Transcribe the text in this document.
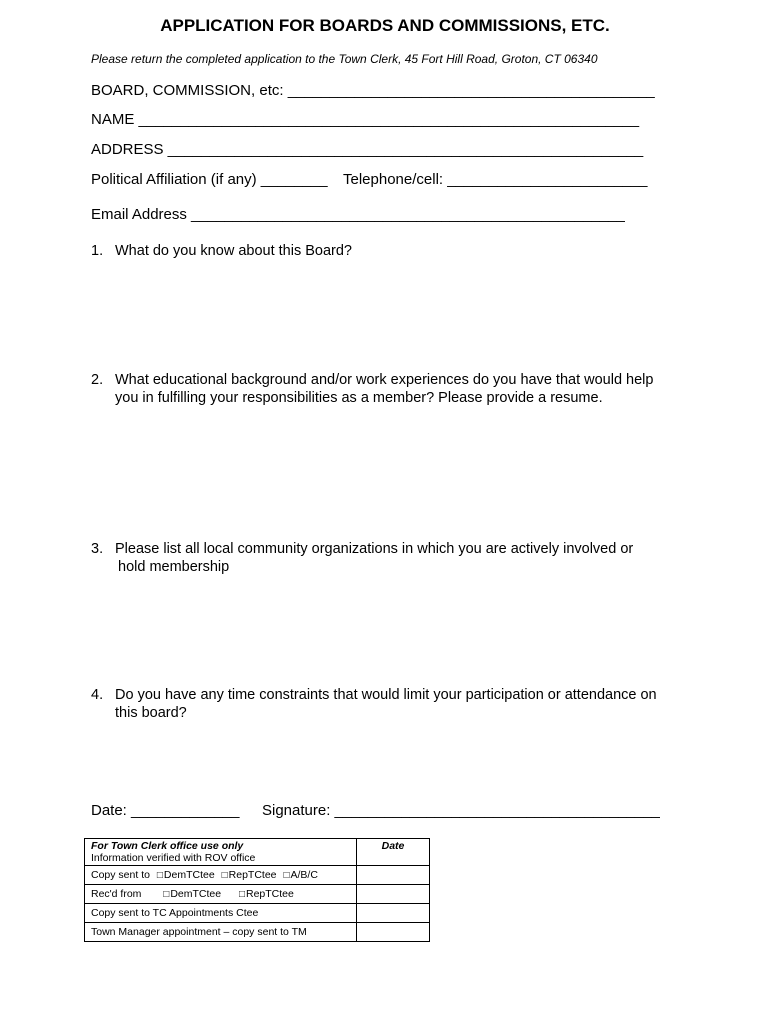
APPLICATION FOR BOARDS AND COMMISSIONS, ETC.
Please return the completed application to the Town Clerk, 45 Fort Hill Road, Groton, CT 06340
BOARD, COMMISSION, etc: ____________________________________________
NAME ____________________________________________________________
ADDRESS _________________________________________________________
Political Affiliation (if any) ________ Telephone/cell: ________________________
Email Address ____________________________________________________
1. What do you know about this Board?
2. What educational background and/or work experiences do you have that would help
you in fulfilling your responsibilities as a member? Please provide a resume.
3. Please list all local community organizations in which you are actively involved or
hold membership
4. Do you have any time constraints that would limit your participation or attendance on
this board?
Date: _____________ Signature: _______________________________________
For Town Clerk office use only
Information verified with ROV office	Date
Copy sent to □DemTCtee □RepTCtee □A/B/C	
Rec'd from □DemTCtee □RepTCtee	
Copy sent to TC Appointments Ctee	
Town Manager appointment – copy sent to TM	
